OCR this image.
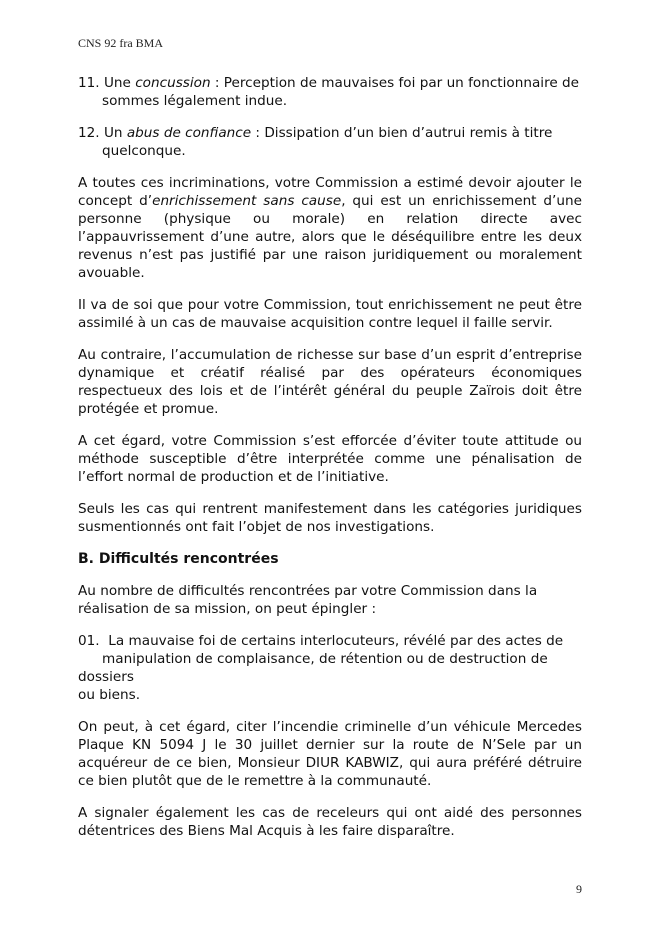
CNS 92 fra BMA
11. Une concussion : Perception de mauvaises foi par un fonctionnaire de
sommes légalement indue.
12. Un abus de confiance : Dissipation d’un bien d’autrui remis à titre
quelconque.

A toutes ces incriminations, votre Commission a estimé devoir ajouter le concept d’enrichissement sans cause, qui est un enrichissement d’une personne (physique ou morale) en relation directe avec l’appauvrissement d’une autre, alors que le déséquilibre entre les deux revenus n’est pas justifié par une raison juridiquement ou moralement avouable.

Il va de soi que pour votre Commission, tout enrichissement ne peut être assimilé à un cas de mauvaise acquisition contre lequel il faille servir.

Au contraire, l’accumulation de richesse sur base d’un esprit d’entreprise dynamique et créatif réalisé par des opérateurs économiques respectueux des lois et de l’intérêt général du peuple Zaïrois doit être protégée et promue.

A cet égard, votre Commission s’est efforcée d’éviter toute attitude ou méthode susceptible d’être interprétée comme une pénalisation de l’effort normal de production et de l’initiative.

Seuls les cas qui rentrent manifestement dans les catégories juridiques susmentionnés ont fait l’objet de nos investigations.

B. Difficultés rencontrées

Au nombre de difficultés rencontrées par votre Commission dans la réalisation de sa mission, on peut épingler :

01.  La mauvaise foi de certains interlocuteurs, révélé par des actes de
manipulation de complaisance, de rétention ou de destruction de dossiers
ou biens.

On peut, à cet égard, citer l’incendie criminelle d’un véhicule Mercedes Plaque KN 5094 J le 30 juillet dernier sur la route de N’Sele par un acquéreur de ce bien, Monsieur DIUR KABWIZ, qui aura préféré détruire ce bien plutôt que de le remettre à la communauté.

A signaler également les cas de receleurs qui ont aidé des personnes détentrices des Biens Mal Acquis à les faire disparaître.

9
